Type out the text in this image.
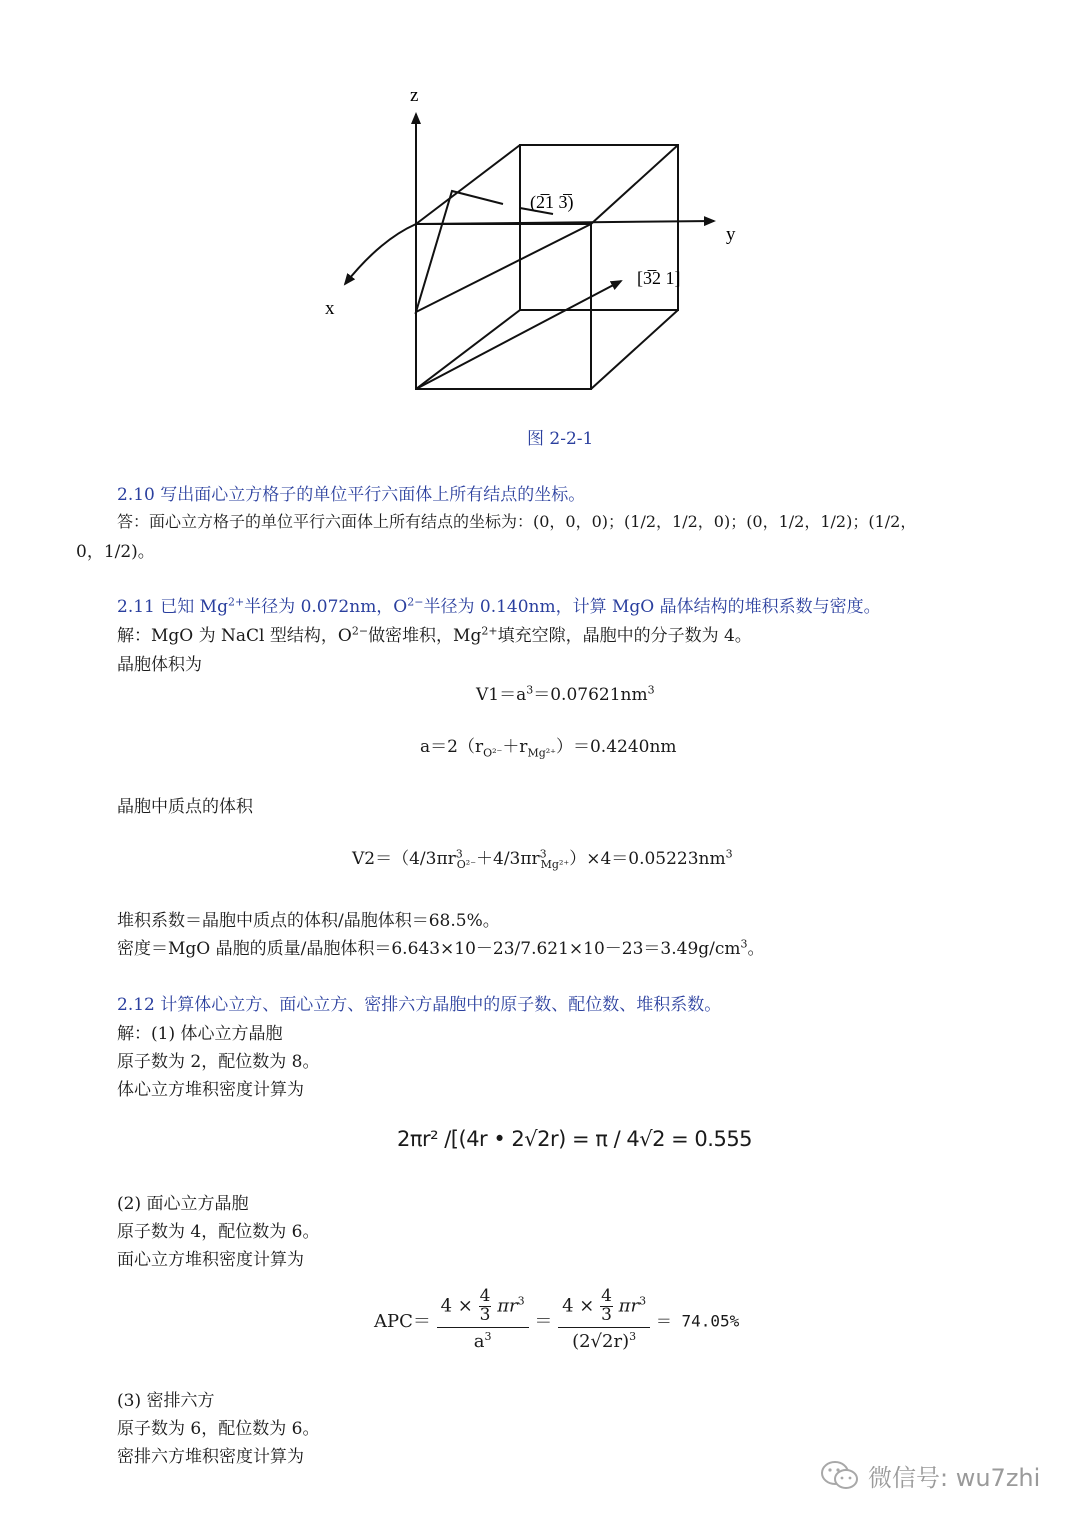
z
y
x
(2̅1 3̅)
[3̅2 1]
图 2-2-1
2.10 写出面心立方格子的单位平行六面体上所有结点的坐标。
答：面心立方格子的单位平行六面体上所有结点的坐标为：(0，0，0)；(1/2，1/2，0)；(0，1/2，1/2)；(1/2，
0，1/2)。
2.11 已知 $Mg^{2+}$半径为 0.072nm，$O^{2-}$半径为 0.140nm，计算 MgO 晶体结构的堆积系数与密度。
解：MgO 为 NaCl 型结构，$O^{2-}$做密堆积，$Mg^{2+}$填充空隙，晶胞中的分子数为 4。
晶胞体积为
$V1=a^3=0.07621nm^3$
$a=2(r_{O^{2-}}+r_{Mg^{2+}})=0.4240nm$
晶胞中质点的体积
$V2=(4/3\pi r^3_{O^{2-}}+4/3\pi r^3_{Mg^{2+}})\times 4=0.05223nm^3$
堆积系数＝晶胞中质点的体积/晶胞体积＝68.5%。
密度＝MgO 晶胞的质量/晶胞体积$=6.643\times 10-23/7.621\times 10-23=3.49g/cm^3$。
2.12 计算体心立方、面心立方、密排六方晶胞中的原子数、配位数、堆积系数。
解：(1) 体心立方晶胞
原子数为 2，配位数为 8。
体心立方堆积密度计算为
2πr² /[(4r • 2√2r) = π / 4√2 = 0.555
(2) 面心立方晶胞
原子数为 4，配位数为 6。
面心立方堆积密度计算为
$APC= \frac{4 \times \frac{4}{3} \pi r^3}{a^3} = \frac{4 \times \frac{4}{3} \pi r^3}{(2√2r)^3} = 74.05\%$
(3) 密排六方
原子数为 6，配位数为 6。
密排六方堆积密度计算为
微信号: wu7zhi
